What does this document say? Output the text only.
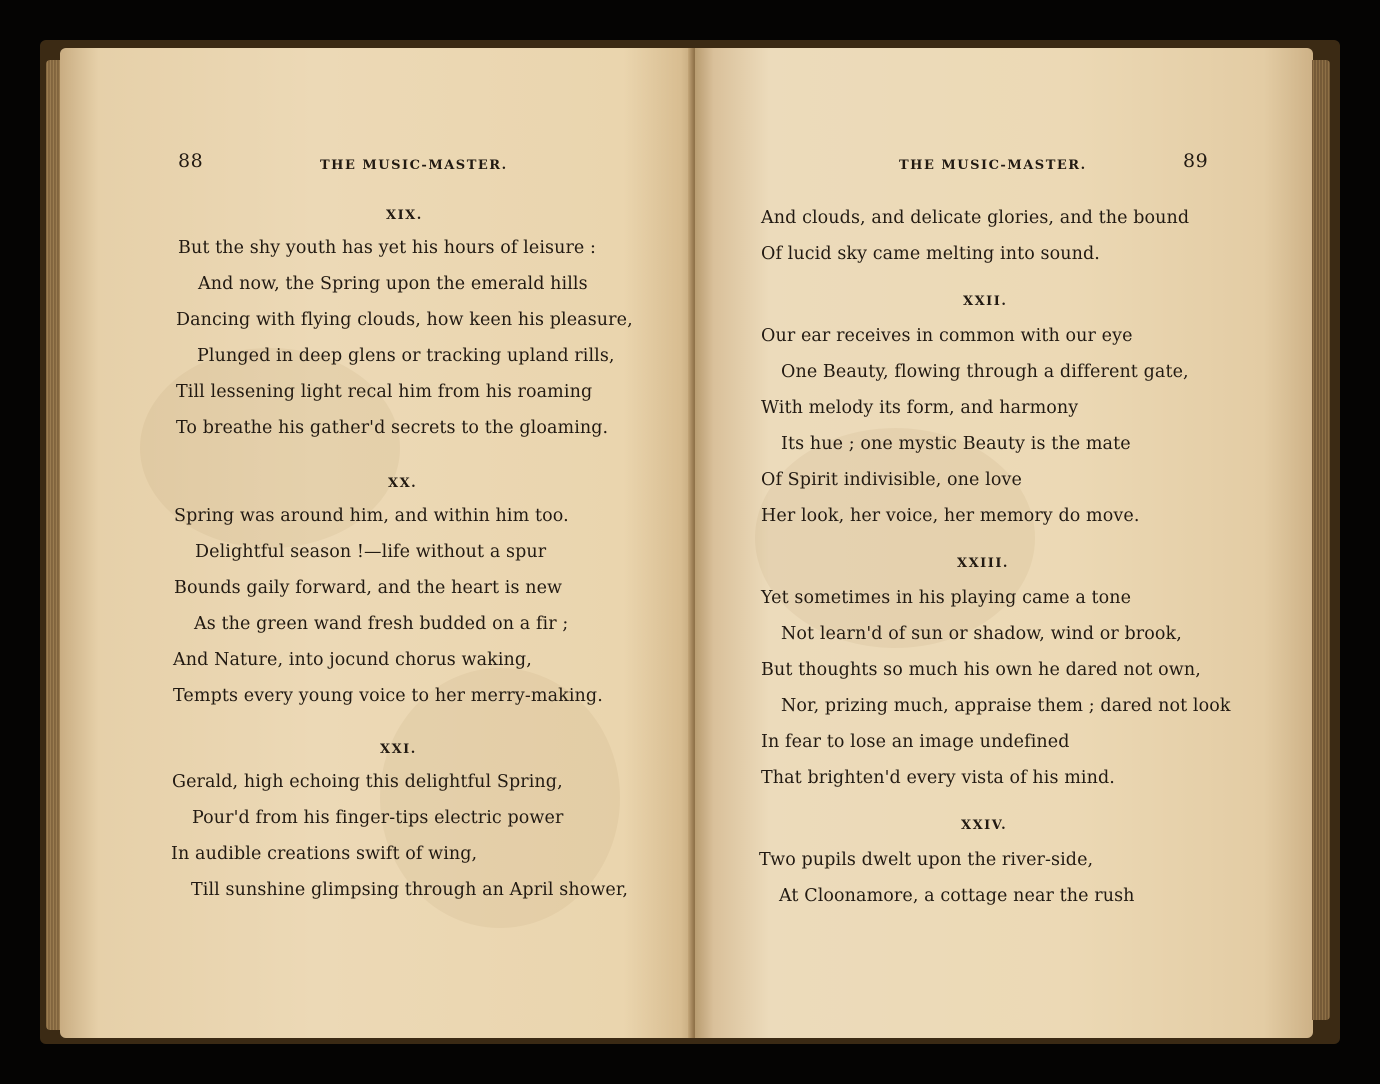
88	THE MUSIC-MASTER.
XIX.
But the shy youth has yet his hours of leisure :
And now, the Spring upon the emerald hills
Dancing with flying clouds, how keen his pleasure,
Plunged in deep glens or tracking upland rills,
Till lessening light recal him from his roaming
To breathe his gather'd secrets to the gloaming.
XX.
Spring was around him, and within him too.
Delightful season !—life without a spur
Bounds gaily forward, and the heart is new
As the green wand fresh budded on a fir ;
And Nature, into jocund chorus waking,
Tempts every young voice to her merry-making.
XXI.
Gerald, high echoing this delightful Spring,
Pour'd from his finger-tips electric power
In audible creations swift of wing,
Till sunshine glimpsing through an April shower,
THE MUSIC-MASTER.	89
And clouds, and delicate glories, and the bound
Of lucid sky came melting into sound.
XXII.
Our ear receives in common with our eye
One Beauty, flowing through a different gate,
With melody its form, and harmony
Its hue ; one mystic Beauty is the mate
Of Spirit indivisible, one love
Her look, her voice, her memory do move.
XXIII.
Yet sometimes in his playing came a tone
Not learn'd of sun or shadow, wind or brook,
But thoughts so much his own he dared not own,
Nor, prizing much, appraise them ; dared not look
In fear to lose an image undefined
That brighten'd every vista of his mind.
XXIV.
Two pupils dwelt upon the river-side,
At Cloonamore, a cottage near the rush
